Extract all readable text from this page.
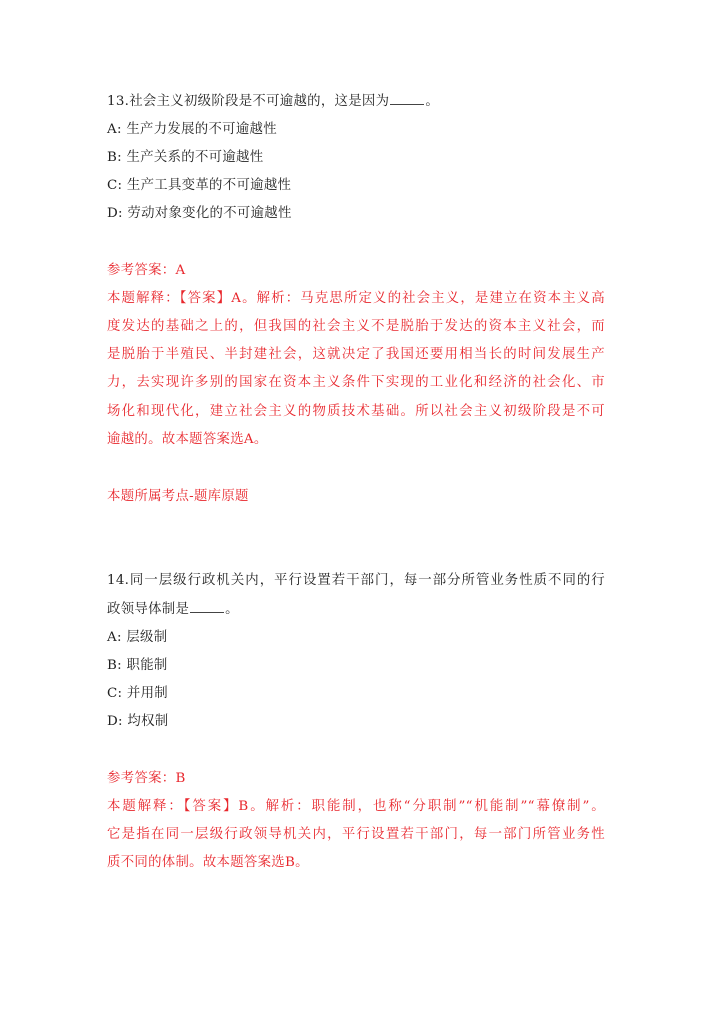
13.社会主义初级阶段是不可逾越的，这是因为	。
A: 生产力发展的不可逾越性
B: 生产关系的不可逾越性
C: 生产工具变革的不可逾越性
D: 劳动对象变化的不可逾越性
参考答案：A
本题解释：【答案】A。解析：马克思所定义的社会主义，是建立在资本主义高
度发达的基础之上的，但我国的社会主义不是脱胎于发达的资本主义社会，而
是脱胎于半殖民、半封建社会，这就决定了我国还要用相当长的时间发展生产
力，去实现许多别的国家在资本主义条件下实现的工业化和经济的社会化、市
场化和现代化，建立社会主义的物质技术基础。所以社会主义初级阶段是不可
逾越的。故本题答案选A。
本题所属考点-题库原题
14.同一层级行政机关内，平行设置若干部门，每一部分所管业务性质不同的行
政领导体制是	。
A: 层级制
B: 职能制
C: 并用制
D: 均权制
参考答案：B
本题解释：【答案】B。解析：职能制，也称“分职制”“机能制”“幕僚制”。
它是指在同一层级行政领导机关内，平行设置若干部门，每一部门所管业务性
质不同的体制。故本题答案选B。
